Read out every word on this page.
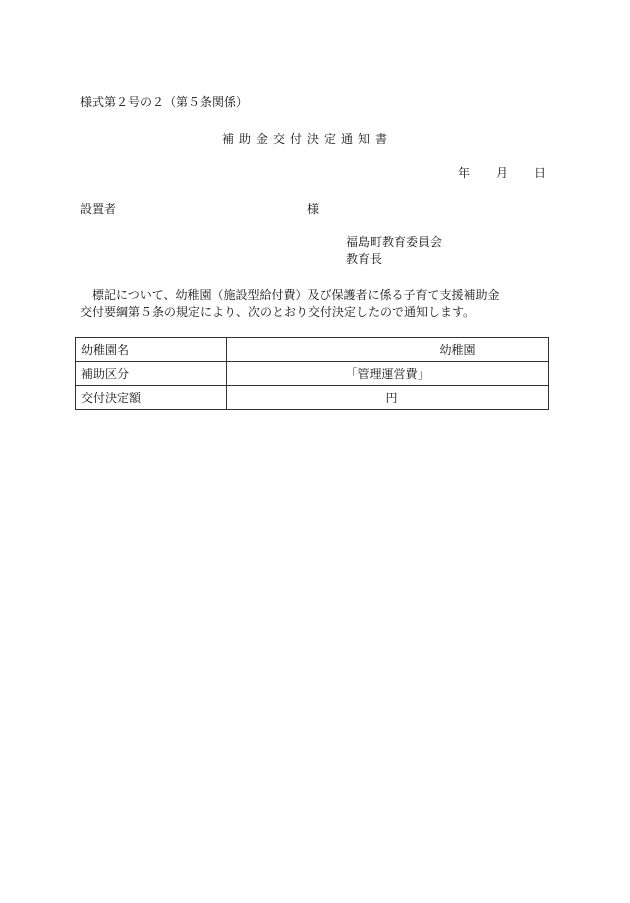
様式第２号の２（第５条関係）
補助金交付決定通知書
年 月 日
設置者	様
福島町教育委員会
教育長
標記について、幼稚園（施設型給付費）及び保護者に係る子育て支援補助金
交付要綱第５条の規定により、次のとおり交付決定したので通知します。
幼稚園名	幼稚園
補助区分	「管理運営費」
交付決定額	円
